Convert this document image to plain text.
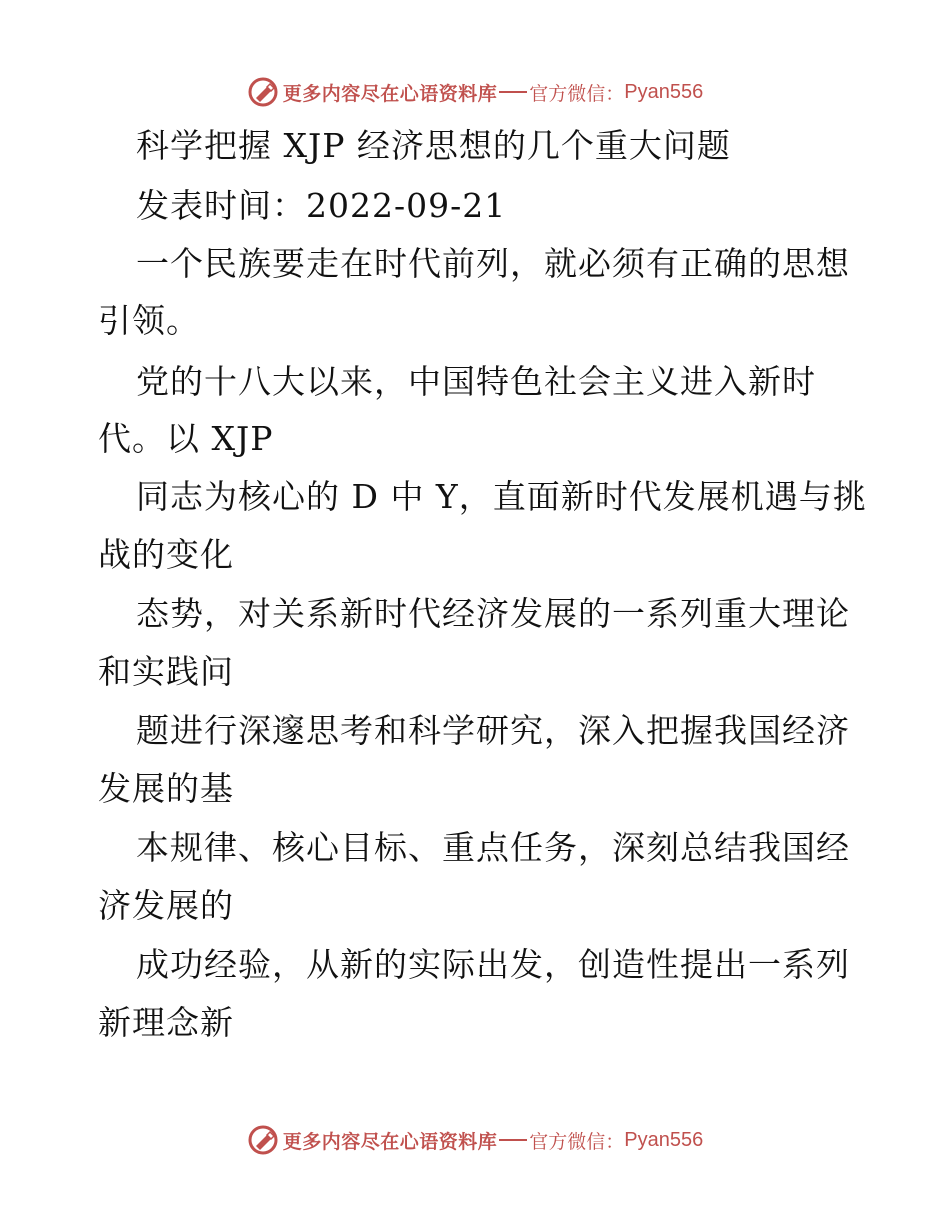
更多内容尽在心语资料库 官方微信： Pyan556
科学把握 XJP 经济思想的几个重大问题
发表时间：2022-09-21
一个民族要走在时代前列，就必须有正确的思想
引领。
党的十八大以来，中国特色社会主义进入新时
代。以 XJP
同志为核心的 D 中 Y，直面新时代发展机遇与挑
战的变化
态势，对关系新时代经济发展的一系列重大理论
和实践问
题进行深邃思考和科学研究，深入把握我国经济
发展的基
本规律、核心目标、重点任务，深刻总结我国经
济发展的
成功经验，从新的实际出发，创造性提出一系列
新理念新
更多内容尽在心语资料库 官方微信： Pyan556
